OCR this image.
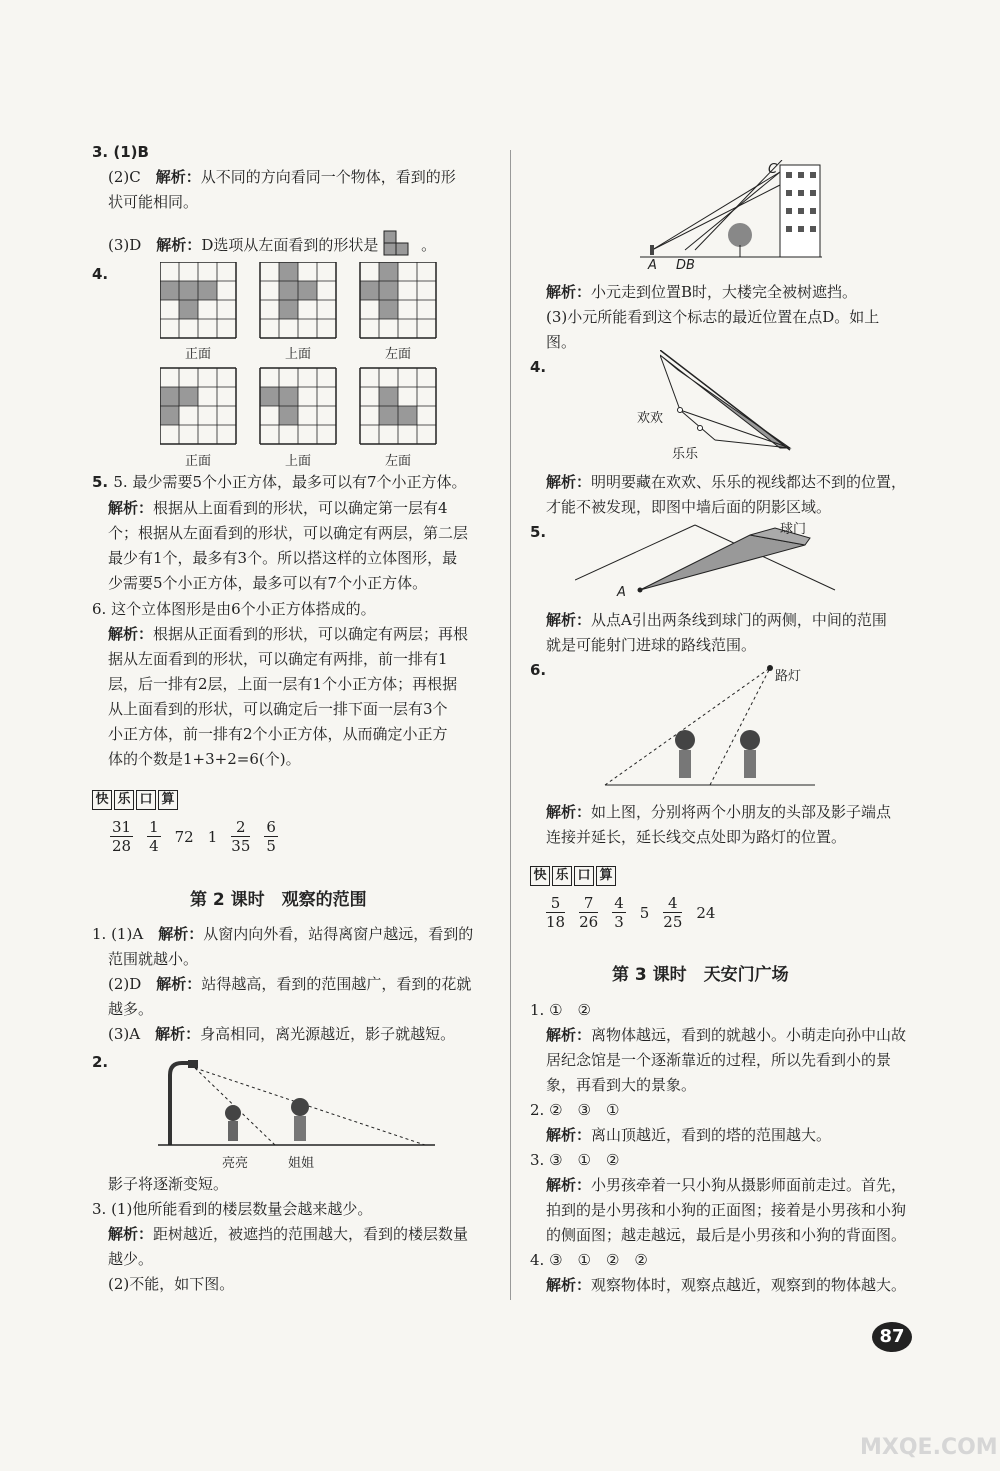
3. (1)B
(2)C　 解析：从不同的方向看同一个物体，看到的形
状可能相同。
(3)D　 解析：D选项从左面看到的形状是	。
4.
正面	上面	左面
正面	上面	左面
5. 5. 最少需要5个小正方体，最多可以有7个小正方体。
解析：根据从上面看到的形状，可以确定第一层有4
个；根据从左面看到的形状，可以确定有两层，第二层
最少有1个，最多有3个。所以搭这样的立体图形，最
少需要5个小正方体，最多可以有7个小正方体。
6. 这个立体图形是由6个小正方体搭成的。
解析：根据从正面看到的形状，可以确定有两层；再根
据从左面看到的形状，可以确定有两排，前一排有1
层，后一排有2层，上面一层有1个小正方体；再根据
从上面看到的形状，可以确定后一排下面一层有3个
小正方体，前一排有2个小正方体，从而确定小正方
体的个数是1+3+2=6(个)。
快 乐 口 算
$\frac{31}{28} \frac{1}{4} 72$ $1 \frac{2}{35} \frac{6}{5}$
第 2 课时　观察的范围
1. (1)A　 解析：从窗内向外看，站得离窗户越远，看到的
范围就越小。
(2)D　 解析：站得越高，看到的范围越广，看到的花就
越多。
(3)A　 解析：身高相同，离光源越近，影子就越短。
2.
亮亮	姐姐
影子将逐渐变短。
3. (1)他所能看到的楼层数量会越来越少。
解析：距树越近，被遮挡的范围越大，看到的楼层数量
越少。
(2)不能，如下图。
C
A DB
解析：小元走到位置B时，大楼完全被树遮挡。
(3)小元所能看到这个标志的最近位置在点D。如上
图。
4.
欢欢
乐乐
解析：明明要藏在欢欢、乐乐的视线都达不到的位置，
才能不被发现，即图中墙后面的阴影区域。
5.	球门
A
解析：从点A引出两条线到球门的两侧，中间的范围
就是可能射门进球的路线范围。
6.	路灯
解析：如上图，分别将两个小朋友的头部及影子端点
连接并延长，延长线交点处即为路灯的位置。
快 乐 口 算
$\frac{5}{18} \frac{7}{26} \frac{4}{3} 5 \frac{4}{25} 24$
第 3 课时　天安门广场
1. ①　②
解析：离物体越远，看到的就越小。小萌走向孙中山故
居纪念馆是一个逐渐靠近的过程，所以先看到小的景
象，再看到大的景象。
2. ②　③　①
解析：离山顶越近，看到的塔的范围越大。
3. ③　①　②
解析：小男孩牵着一只小狗从摄影师面前走过。首先，
拍到的是小男孩和小狗的正面图；接着是小男孩和小狗
的侧面图；越走越远，最后是小男孩和小狗的背面图。
4. ③　①　②　②
解析：观察物体时，观察点越近，观察到的物体越大。
87
MXQE.COM
